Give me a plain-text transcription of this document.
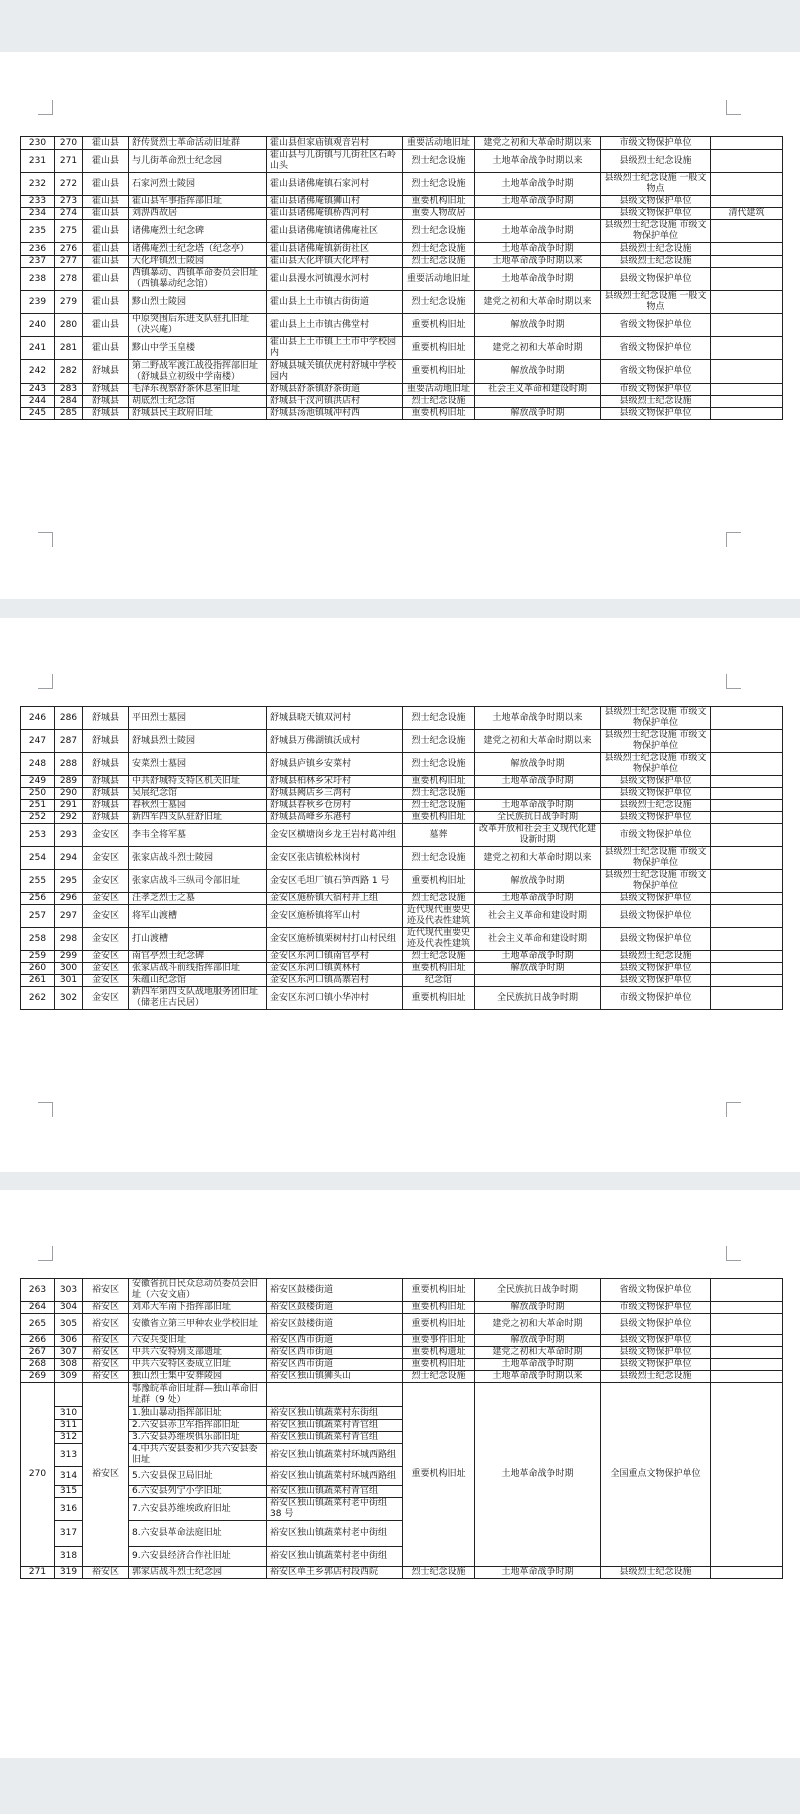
230	270	霍山县	舒传贤烈士革命活动旧址群	霍山县但家庙镇观音岩村	重要活动地旧址	建党之初和大革命时期以来	市级文物保护单位	
231	271	霍山县	与儿街革命烈士纪念园	霍山县与儿街镇与儿街社区石岭山头	烈士纪念设施	土地革命战争时期以来	县级烈士纪念设施	
232	272	霍山县	石家河烈士陵园	霍山县诸佛庵镇石家河村	烈士纪念设施	土地革命战争时期	县级烈士纪念设施 一般文物点	
233	273	霍山县	霍山县军事指挥部旧址	霍山县诸佛庵镇狮山村	重要机构旧址	土地革命战争时期	县级文物保护单位	
234	274	霍山县	刘淠西故居	霍山县诸佛庵镇桥西河村	重要人物故居		县级文物保护单位	清代建筑
235	275	霍山县	诸佛庵烈士纪念碑	霍山县诸佛庵镇诸佛庵社区	烈士纪念设施	土地革命战争时期	县级烈士纪念设施 市级文物保护单位	
236	276	霍山县	诸佛庵烈士纪念塔（纪念亭）	霍山县诸佛庵镇新街社区	烈士纪念设施	土地革命战争时期	县级烈士纪念设施	
237	277	霍山县	大化坪镇烈士陵园	霍山县大化坪镇大化坪村	烈士纪念设施	土地革命战争时期以来	县级烈士纪念设施	
238	278	霍山县	西镇暴动、西镇革命委员会旧址（西镇暴动纪念馆）	霍山县漫水河镇漫水河村	重要活动地旧址	土地革命战争时期	县级文物保护单位	
239	279	霍山县	黟山烈士陵园	霍山县上土市镇古街街道	烈士纪念设施	建党之初和大革命时期以来	县级烈士纪念设施 一般文物点	
240	280	霍山县	中原突围后东进支队驻扎旧址（决兴庵）	霍山县上土市镇古佛堂村	重要机构旧址	解放战争时期	省级文物保护单位	
241	281	霍山县	黟山中学玉皇楼	霍山县上土市镇上土市中学校园内	重要机构旧址	建党之初和大革命时期	省级文物保护单位	
242	282	舒城县	第二野战军渡江战役指挥部旧址（舒城县立初级中学南楼）	舒城县城关镇伏虎村舒城中学校园内	重要机构旧址	解放战争时期	省级文物保护单位	
243	283	舒城县	毛泽东视察舒茶休息室旧址	舒城县舒茶镇舒茶街道	重要活动地旧址	社会主义革命和建设时期	市级文物保护单位	
244	284	舒城县	胡底烈士纪念馆	舒城县干汊河镇洪店村	烈士纪念设施		县级烈士纪念设施	
245	285	舒城县	舒城县民主政府旧址	舒城县汤池镇城冲村西	重要机构旧址	解放战争时期	县级文物保护单位	
246	286	舒城县	平田烈士墓园	舒城县晓天镇双河村	烈士纪念设施	土地革命战争时期以来	县级烈士纪念设施 市级文物保护单位	
247	287	舒城县	舒城县烈士陵园	舒城县万佛湖镇沃成村	烈士纪念设施	建党之初和大革命时期以来	县级烈士纪念设施 市级文物保护单位	
248	288	舒城县	安菜烈士墓园	舒城县庐镇乡安菜村	烈士纪念设施	解放战争时期	县级烈士纪念设施 市级文物保护单位	
249	289	舒城县	中共舒城特支特区机关旧址	舒城县柏林乡宋圩村	重要机构旧址	土地革命战争时期	县级文物保护单位	
250	290	舒城县	吴展纪念馆	舒城县阙店乡三湾村	烈士纪念设施		县级文物保护单位	
251	291	舒城县	春秋烈士墓园	舒城县春秋乡仓房村	烈士纪念设施	土地革命战争时期	县级烈士纪念设施	
252	292	舒城县	新四军四支队驻舒旧址	舒城县高峰乡东港村	重要机构旧址	全民族抗日战争时期	县级文物保护单位	
253	293	金安区	李韦全将军墓	金安区横塘岗乡龙王岩村葛冲组	墓葬	改革开放和社会主义现代化建设新时期	市级文物保护单位	
254	294	金安区	张家店战斗烈士陵园	金安区张店镇松林岗村	烈士纪念设施	建党之初和大革命时期以来	县级烈士纪念设施 市级文物保护单位	
255	295	金安区	张家店战斗三纵司令部旧址	金安区毛坦厂镇石笋西路 1 号	重要机构旧址	解放战争时期	县级烈士纪念设施 市级文物保护单位	
256	296	金安区	汪孝芝烈士之墓	金安区施桥镇大宿村井上组	烈士纪念设施	土地革命战争时期	县级文物保护单位	
257	297	金安区	将军山渡槽	金安区施桥镇将军山村	近代现代重要史迹及代表性建筑	社会主义革命和建设时期	县级文物保护单位	
258	298	金安区	打山渡槽	金安区施桥镇栗树村打山村民组	近代现代重要史迹及代表性建筑	社会主义革命和建设时期	县级文物保护单位	
259	299	金安区	南官亭烈士纪念碑	金安区东河口镇南官亭村	烈士纪念设施	土地革命战争时期	县级烈士纪念设施	
260	300	金安区	张家店战斗前线指挥部旧址	金安区东河口镇黄林村	重要机构旧址	解放战争时期	县级文物保护单位	
261	301	金安区	朱蕴山纪念馆	金安区东河口镇高寨岩村	纪念馆		县级文物保护单位	
262	302	金安区	新四军第四支队战地服务团旧址（储老庄古民居）	金安区东河口镇小华冲村	重要机构旧址	全民族抗日战争时期	市级文物保护单位	
263	303	裕安区	安徽省抗日民众总动员委员会旧址（六安文庙）	裕安区鼓楼街道	重要机构旧址	全民族抗日战争时期	省级文物保护单位	
264	304	裕安区	刘邓大军南下指挥部旧址	裕安区鼓楼街道	重要机构旧址	解放战争时期	市级文物保护单位	
265	305	裕安区	安徽省立第三甲种农业学校旧址	裕安区鼓楼街道	重要机构旧址	建党之初和大革命时期	县级文物保护单位	
266	306	裕安区	六安兵变旧址	裕安区西市街道	重要事件旧址	解放战争时期	县级文物保护单位	
267	307	裕安区	中共六安特别支部遗址	裕安区西市街道	重要机构遗址	建党之初和大革命时期	县级文物保护单位	
268	308	裕安区	中共六安特区委成立旧址	裕安区西市街道	重要机构旧址	土地革命战争时期	县级文物保护单位	
269	309	裕安区	独山烈士集中安葬陵园	裕安区独山镇狮头山	烈士纪念设施	土地革命战争时期以来	县级烈士纪念设施	
270		裕安区	鄂豫皖革命旧址群—独山革命旧址群（9 处）		重要机构旧址	土地革命战争时期	全国重点文物保护单位	
	310		1.独山暴动指挥部旧址	裕安区独山镇蔬菜村东街组				
	311		2.六安县赤卫军指挥部旧址	裕安区独山镇蔬菜村青官组				
	312		3.六安县苏维埃俱乐部旧址	裕安区独山镇蔬菜村青官组				
	313		4.中共六安县委和少共六安县委旧址	裕安区独山镇蔬菜村环城西路组				
	314		5.六安县保卫局旧址	裕安区独山镇蔬菜村环城西路组				
	315		6.六安县列宁小学旧址	裕安区独山镇蔬菜村青官组				
	316		7.六安县苏维埃政府旧址	裕安区独山镇蔬菜村老中街组 38 号				
	317		8.六安县革命法庭旧址	裕安区独山镇蔬菜村老中街组				
	318		9.六安县经济合作社旧址	裕安区独山镇蔬菜村老中街组				
271	319	裕安区	郭家店战斗烈士纪念园	裕安区单王乡郭店村段西院	烈士纪念设施	土地革命战争时期	县级烈士纪念设施	
